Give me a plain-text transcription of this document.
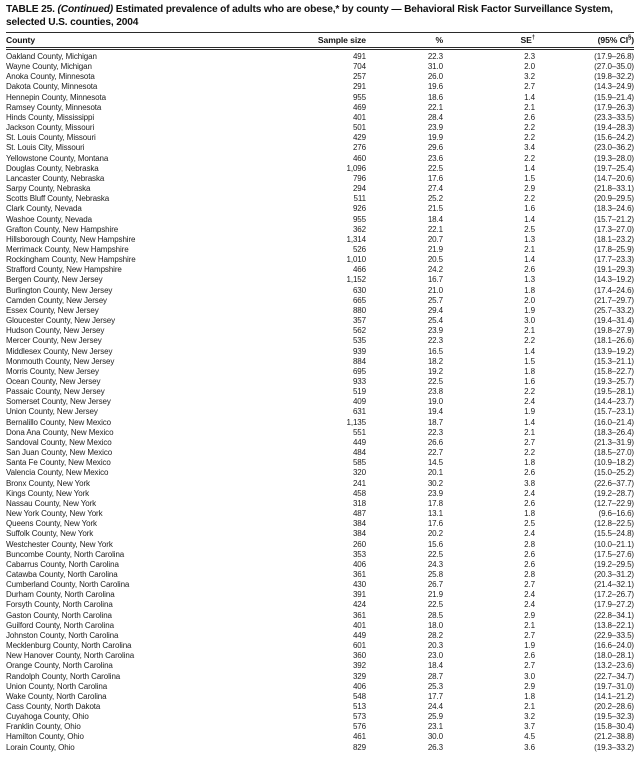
TABLE 25. (Continued) Estimated prevalence of adults who are obese,* by county — Behavioral Risk Factor Surveillance System, selected U.S. counties, 2004
County	Sample size	%	SE†	(95% CI§)
Oakland County, Michigan	491	22.3	2.3	(17.9–26.8)
Wayne County, Michigan	704	31.0	2.0	(27.0–35.0)
Anoka County, Minnesota	257	26.0	3.2	(19.8–32.2)
Dakota County, Minnesota	291	19.6	2.7	(14.3–24.9)
Hennepin County, Minnesota	955	18.6	1.4	(15.9–21.4)
Ramsey County, Minnesota	469	22.1	2.1	(17.9–26.3)
Hinds County, Mississippi	401	28.4	2.6	(23.3–33.5)
Jackson County, Missouri	501	23.9	2.2	(19.4–28.3)
St. Louis County, Missouri	429	19.9	2.2	(15.6–24.2)
St. Louis City, Missouri	276	29.6	3.4	(23.0–36.2)
Yellowstone County, Montana	460	23.6	2.2	(19.3–28.0)
Douglas County, Nebraska	1,096	22.5	1.4	(19.7–25.4)
Lancaster County, Nebraska	796	17.6	1.5	(14.7–20.6)
Sarpy County, Nebraska	294	27.4	2.9	(21.8–33.1)
Scotts Bluff County, Nebraska	511	25.2	2.2	(20.9–29.5)
Clark County, Nevada	926	21.5	1.6	(18.3–24.6)
Washoe County, Nevada	955	18.4	1.4	(15.7–21.2)
Grafton County, New Hampshire	362	22.1	2.5	(17.3–27.0)
Hillsborough County, New Hampshire	1,314	20.7	1.3	(18.1–23.2)
Merrimack County, New Hampshire	526	21.9	2.1	(17.8–25.9)
Rockingham County, New Hampshire	1,010	20.5	1.4	(17.7–23.3)
Strafford County, New Hampshire	466	24.2	2.6	(19.1–29.3)
Bergen County, New Jersey	1,152	16.7	1.3	(14.3–19.2)
Burlington County, New Jersey	630	21.0	1.8	(17.4–24.6)
Camden County, New Jersey	665	25.7	2.0	(21.7–29.7)
Essex County, New Jersey	880	29.4	1.9	(25.7–33.2)
Gloucester County, New Jersey	357	25.4	3.0	(19.4–31.4)
Hudson County, New Jersey	562	23.9	2.1	(19.8–27.9)
Mercer County, New Jersey	535	22.3	2.2	(18.1–26.6)
Middlesex County, New Jersey	939	16.5	1.4	(13.9–19.2)
Monmouth County, New Jersey	884	18.2	1.5	(15.3–21.1)
Morris County, New Jersey	695	19.2	1.8	(15.8–22.7)
Ocean County, New Jersey	933	22.5	1.6	(19.3–25.7)
Passaic County, New Jersey	519	23.8	2.2	(19.5–28.1)
Somerset County, New Jersey	409	19.0	2.4	(14.4–23.7)
Union County, New Jersey	631	19.4	1.9	(15.7–23.1)
Bernalillo County, New Mexico	1,135	18.7	1.4	(16.0–21.4)
Dona Ana County, New Mexico	551	22.3	2.1	(18.3–26.4)
Sandoval County, New Mexico	449	26.6	2.7	(21.3–31.9)
San Juan County, New Mexico	484	22.7	2.2	(18.5–27.0)
Santa Fe County, New Mexico	585	14.5	1.8	(10.9–18.2)
Valencia County, New Mexico	320	20.1	2.6	(15.0–25.2)
Bronx County, New York	241	30.2	3.8	(22.6–37.7)
Kings County, New York	458	23.9	2.4	(19.2–28.7)
Nassau County, New York	318	17.8	2.6	(12.7–22.9)
New York County, New York	487	13.1	1.8	(9.6–16.6)
Queens County, New York	384	17.6	2.5	(12.8–22.5)
Suffolk County, New York	384	20.2	2.4	(15.5–24.8)
Westchester County, New York	260	15.6	2.8	(10.0–21.1)
Buncombe County, North Carolina	353	22.5	2.6	(17.5–27.6)
Cabarrus County, North Carolina	406	24.3	2.6	(19.2–29.5)
Catawba County, North Carolina	361	25.8	2.8	(20.3–31.2)
Cumberland County, North Carolina	430	26.7	2.7	(21.4–32.1)
Durham County, North Carolina	391	21.9	2.4	(17.2–26.7)
Forsyth County, North Carolina	424	22.5	2.4	(17.9–27.2)
Gaston County, North Carolina	361	28.5	2.9	(22.8–34.1)
Guilford County, North Carolina	401	18.0	2.1	(13.8–22.1)
Johnston County, North Carolina	449	28.2	2.7	(22.9–33.5)
Mecklenburg County, North Carolina	601	20.3	1.9	(16.6–24.0)
New Hanover County, North Carolina	360	23.0	2.6	(18.0–28.1)
Orange County, North Carolina	392	18.4	2.7	(13.2–23.6)
Randolph County, North Carolina	329	28.7	3.0	(22.7–34.7)
Union County, North Carolina	406	25.3	2.9	(19.7–31.0)
Wake County, North Carolina	548	17.7	1.8	(14.1–21.2)
Cass County, North Dakota	513	24.4	2.1	(20.2–28.6)
Cuyahoga County, Ohio	573	25.9	3.2	(19.5–32.3)
Franklin County, Ohio	576	23.1	3.7	(15.8–30.4)
Hamilton County, Ohio	461	30.0	4.5	(21.2–38.8)
Lorain County, Ohio	829	26.3	3.6	(19.3–33.2)
